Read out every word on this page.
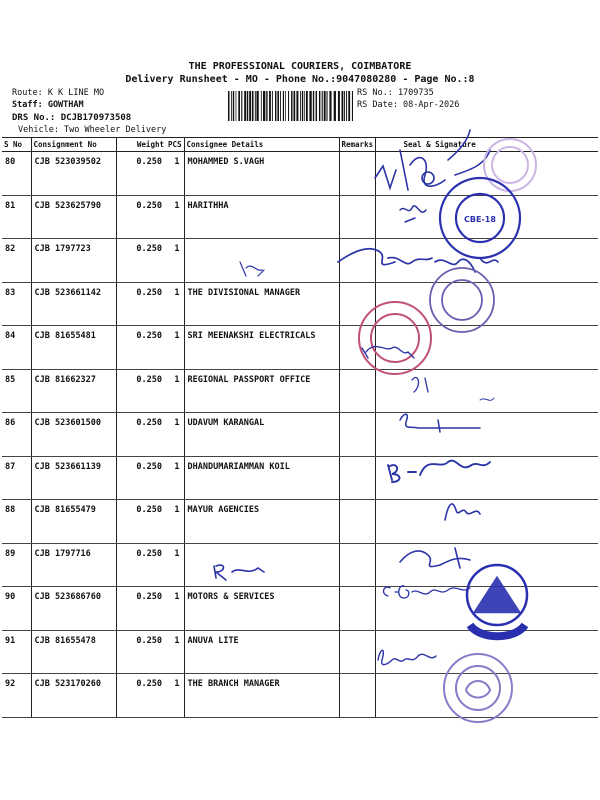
THE PROFESSIONAL COURIERS, COIMBATORE
Delivery Runsheet - MO - Phone No.:9047080280 - Page No.:8
Route: K K LINE MO
Staff: GOWTHAM
DRS No.: DCJB170973508
Vehicle: Two Wheeler Delivery
RS No.: 1709735
RS Date: 08-Apr-2026
S No	Consignment No	Weight	PCS	Consignee Details	Remarks	Seal & Signature
80	CJB 523039502	0.250	1	MOHAMMED S.VAGH		
81	CJB 523625790	0.250	1	HARITHHA		
82	CJB 1797723	0.250	1			
83	CJB 523661142	0.250	1	THE DIVISIONAL MANAGER		
84	CJB 81655481	0.250	1	SRI MEENAKSHI ELECTRICALS		
85	CJB 81662327	0.250	1	REGIONAL PASSPORT OFFICE		
86	CJB 523601500	0.250	1	UDAVUM KARANGAL		
87	CJB 523661139	0.250	1	DHANDUMARIAMMAN KOIL		
88	CJB 81655479	0.250	1	MAYUR AGENCIES		
89	CJB 1797716	0.250	1			
90	CJB 523686760	0.250	1	MOTORS & SERVICES		
91	CJB 81655478	0.250	1	ANUVA LITE		
92	CJB 523170260	0.250	1	THE BRANCH MANAGER		
CBE-18
